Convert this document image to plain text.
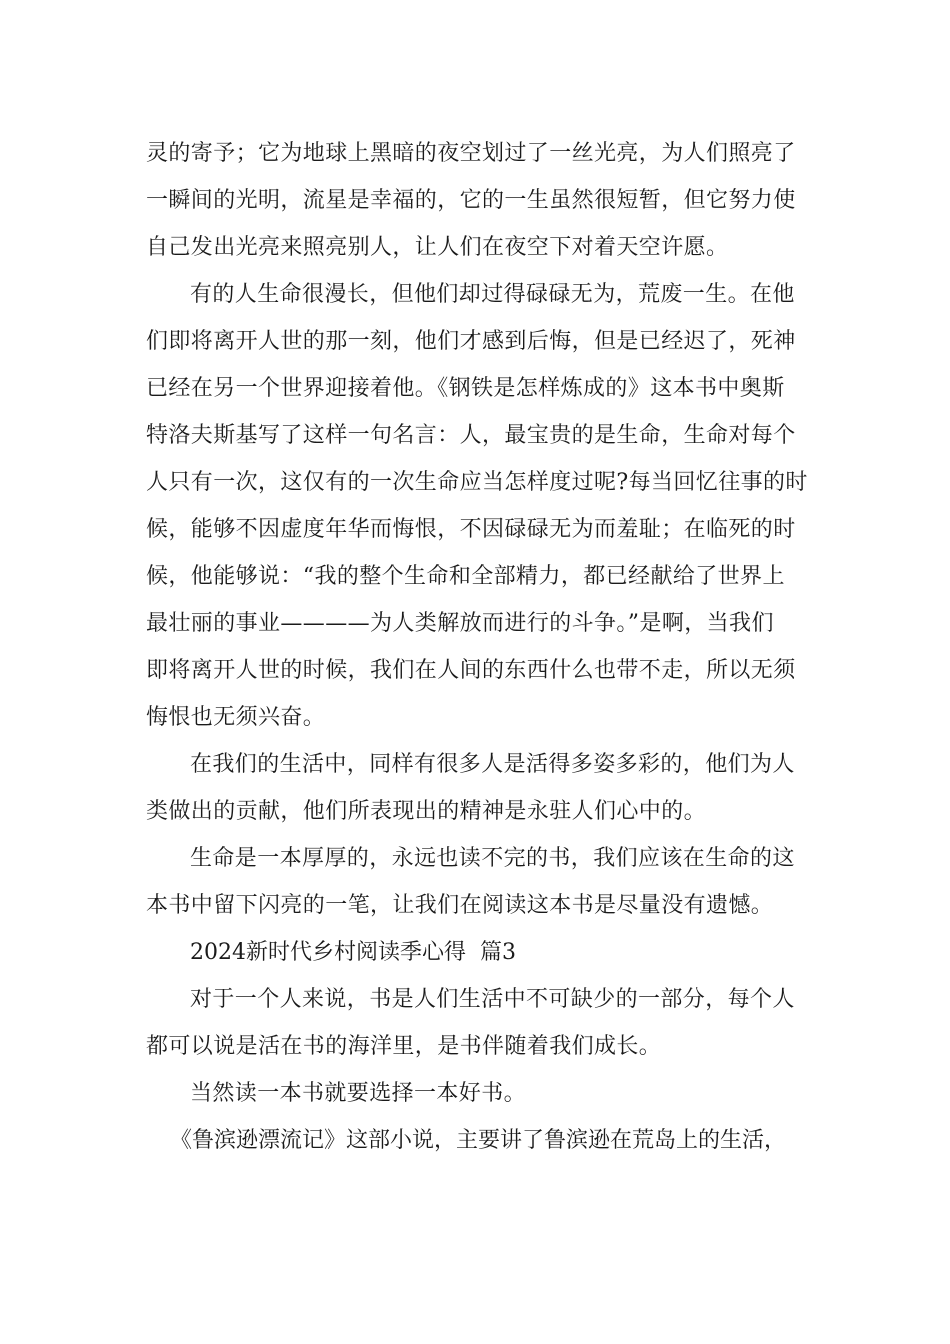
灵的寄予；它为地球上黑暗的夜空划过了一丝光亮，为人们照亮了
一瞬间的光明，流星是幸福的，它的一生虽然很短暂，但它努力使
自己发出光亮来照亮别人，让人们在夜空下对着天空许愿。
有的人生命很漫长，但他们却过得碌碌无为，荒废一生。在他
们即将离开人世的那一刻，他们才感到后悔，但是已经迟了，死神
已经在另一个世界迎接着他。《钢铁是怎样炼成的》这本书中奥斯
特洛夫斯基写了这样一句名言：人，最宝贵的是生命，生命对每个
人只有一次，这仅有的一次生命应当怎样度过呢?每当回忆往事的时
候，能够不因虚度年华而悔恨，不因碌碌无为而羞耻；在临死的时
候，他能够说：“我的整个生命和全部精力，都已经献给了世界上
最壮丽的事业————为人类解放而进行的斗争。”是啊，当我们
即将离开人世的时候，我们在人间的东西什么也带不走，所以无须
悔恨也无须兴奋。
在我们的生活中，同样有很多人是活得多姿多彩的，他们为人
类做出的贡献，他们所表现出的精神是永驻人们心中的。
生命是一本厚厚的，永远也读不完的书，我们应该在生命的这
本书中留下闪亮的一笔，让我们在阅读这本书是尽量没有遗憾。
2024新时代乡村阅读季心得  篇3
对于一个人来说，书是人们生活中不可缺少的一部分，每个人
都可以说是活在书的海洋里，是书伴随着我们成长。
当然读一本书就要选择一本好书。
《鲁滨逊漂流记》这部小说，主要讲了鲁滨逊在荒岛上的生活，
